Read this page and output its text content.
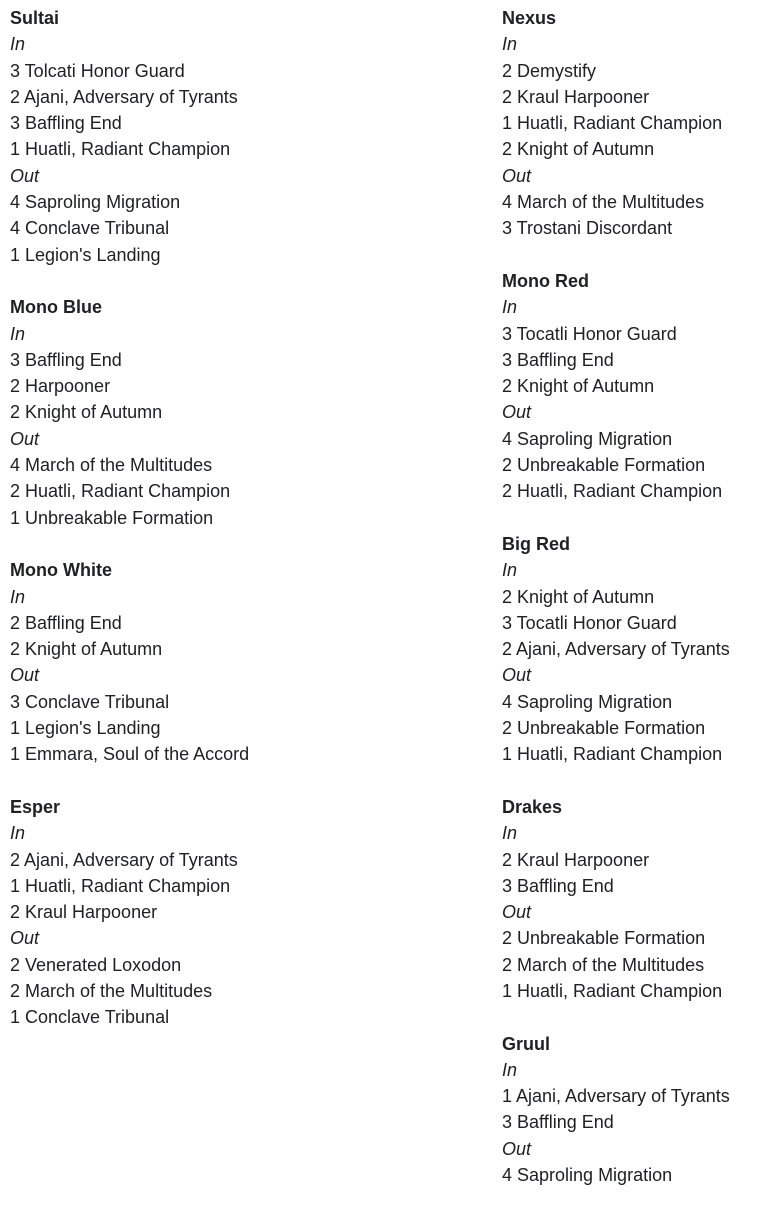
Sultai
In
3 Tolcati Honor Guard
2 Ajani, Adversary of Tyrants
3 Baffling End
1 Huatli, Radiant Champion
Out
4 Saproling Migration
4 Conclave Tribunal
1 Legion's Landing
Mono Blue
In
3 Baffling End
2 Harpooner
2 Knight of Autumn
Out
4 March of the Multitudes
2 Huatli, Radiant Champion
1 Unbreakable Formation
Mono White
In
2 Baffling End
2 Knight of Autumn
Out
3 Conclave Tribunal
1 Legion's Landing
1 Emmara, Soul of the Accord
Esper
In
2 Ajani, Adversary of Tyrants
1 Huatli, Radiant Champion
2 Kraul Harpooner
Out
2 Venerated Loxodon
2 March of the Multitudes
1 Conclave Tribunal
Nexus
In
2 Demystify
2 Kraul Harpooner
1 Huatli, Radiant Champion
2 Knight of Autumn
Out
4 March of the Multitudes
3 Trostani Discordant
Mono Red
In
3 Tocatli Honor Guard
3 Baffling End
2 Knight of Autumn
Out
4 Saproling Migration
2 Unbreakable Formation
2 Huatli, Radiant Champion
Big Red
In
2 Knight of Autumn
3 Tocatli Honor Guard
2 Ajani, Adversary of Tyrants
Out
4 Saproling Migration
2 Unbreakable Formation
1 Huatli, Radiant Champion
Drakes
In
2 Kraul Harpooner
3 Baffling End
Out
2 Unbreakable Formation
2 March of the Multitudes
1 Huatli, Radiant Champion
Gruul
In
1 Ajani, Adversary of Tyrants
3 Baffling End
Out
4 Saproling Migration
